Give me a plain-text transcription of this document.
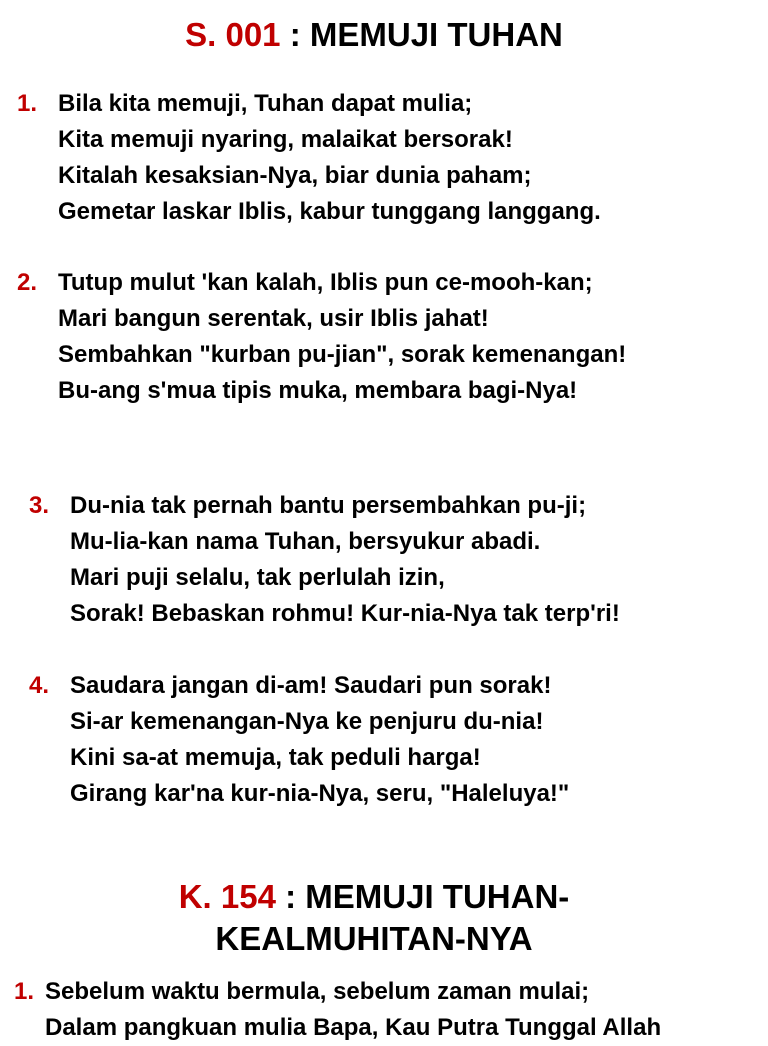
S. 001 : MEMUJI TUHAN
1. Bila kita memuji, Tuhan dapat mulia;
Kita memuji nyaring, malaikat bersorak!
Kitalah kesaksian-Nya, biar dunia paham;
Gemetar laskar Iblis, kabur tunggang langgang.
2. Tutup mulut 'kan kalah, Iblis pun ce-mooh-kan;
Mari bangun serentak, usir Iblis jahat!
Sembahkan "kurban pu-jian", sorak kemenangan!
Bu-ang s'mua tipis muka, membara bagi-Nya!
3. Du-nia tak pernah bantu persembahkan pu-ji;
Mu-lia-kan nama Tuhan, bersyukur abadi.
Mari puji selalu, tak perlulah izin,
Sorak! Bebaskan rohmu! Kur-nia-Nya tak terp'ri!
4. Saudara jangan di-am! Saudari pun sorak!
Si-ar kemenangan-Nya ke penjuru du-nia!
Kini sa-at memuja, tak peduli harga!
Girang kar'na kur-nia-Nya, seru, "Haleluya!"
K. 154 : MEMUJI TUHAN-
KEALMUHITAN-NYA
1. Sebelum waktu bermula, sebelum zaman mulai;
Dalam pangkuan mulia Bapa, Kau Putra Tunggal Allah
